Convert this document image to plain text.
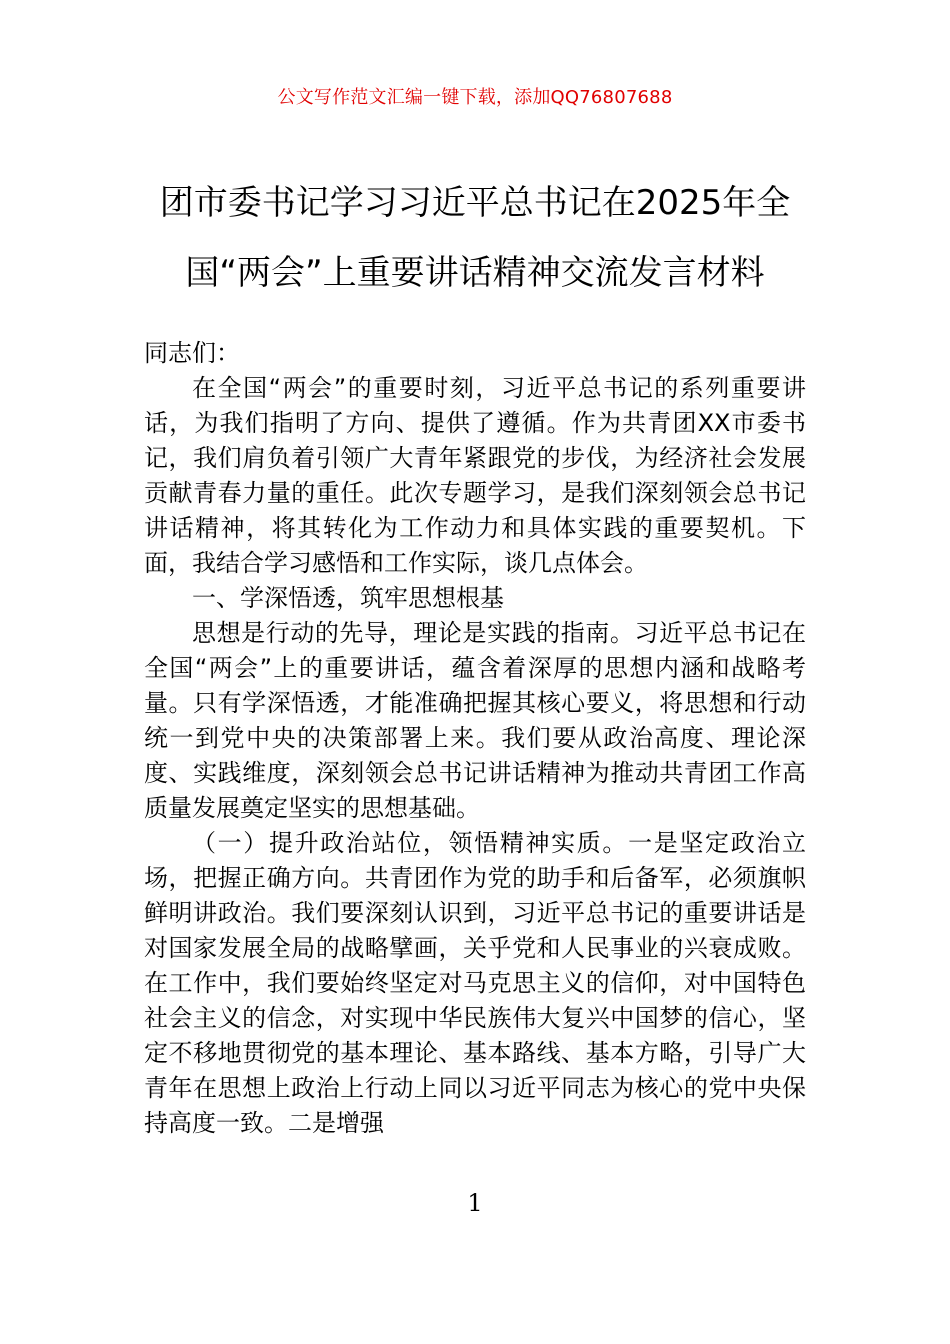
公文写作范文汇编一键下载，添加QQ76807688
团市委书记学习习近平总书记在2025年全
国“两会”上重要讲话精神交流发言材料

同志们：

在全国“两会”的重要时刻，习近平总书记的系列重要讲话，为我们指明了方向、提供了遵循。作为共青团XX市委书记，我们肩负着引领广大青年紧跟党的步伐，为经济社会发展贡献青春力量的重任。此次专题学习，是我们深刻领会总书记讲话精神，将其转化为工作动力和具体实践的重要契机。下面，我结合学习感悟和工作实际，谈几点体会。

一、学深悟透，筑牢思想根基

思想是行动的先导，理论是实践的指南。习近平总书记在全国“两会”上的重要讲话，蕴含着深厚的思想内涵和战略考量。只有学深悟透，才能准确把握其核心要义，将思想和行动统一到党中央的决策部署上来。我们要从政治高度、理论深度、实践维度，深刻领会总书记讲话精神为推动共青团工作高质量发展奠定坚实的思想基础。

（一）提升政治站位，领悟精神实质。一是坚定政治立场，把握正确方向。共青团作为党的助手和后备军，必须旗帜鲜明讲政治。我们要深刻认识到，习近平总书记的重要讲话是对国家发展全局的战略擘画，关乎党和人民事业的兴衰成败。在工作中，我们要始终坚定对马克思主义的信仰，对中国特色社会主义的信念，对实现中华民族伟大复兴中国梦的信心，坚定不移地贯彻党的基本理论、基本路线、基本方略，引导广大青年在思想上政治上行动上同以习近平同志为核心的党中央保持高度一致。二是增强

1
